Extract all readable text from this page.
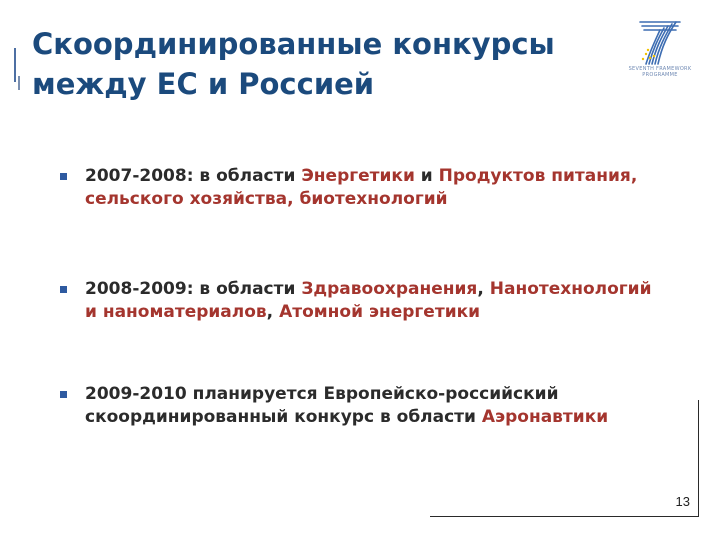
Скоординированные конкурсы
между ЕС и Россией	SEVENTH FRAMEWORK
PROGRAMME
2007-2008: в области Энергетики и Продуктов питания,
сельского хозяйства, биотехнологий
2008-2009: в области Здравоохранения, Нанотехнологий
и наноматериалов, Атомной энергетики
2009-2010 планируется Европейско-российский
скоординированный конкурс в области Аэронавтики
13
